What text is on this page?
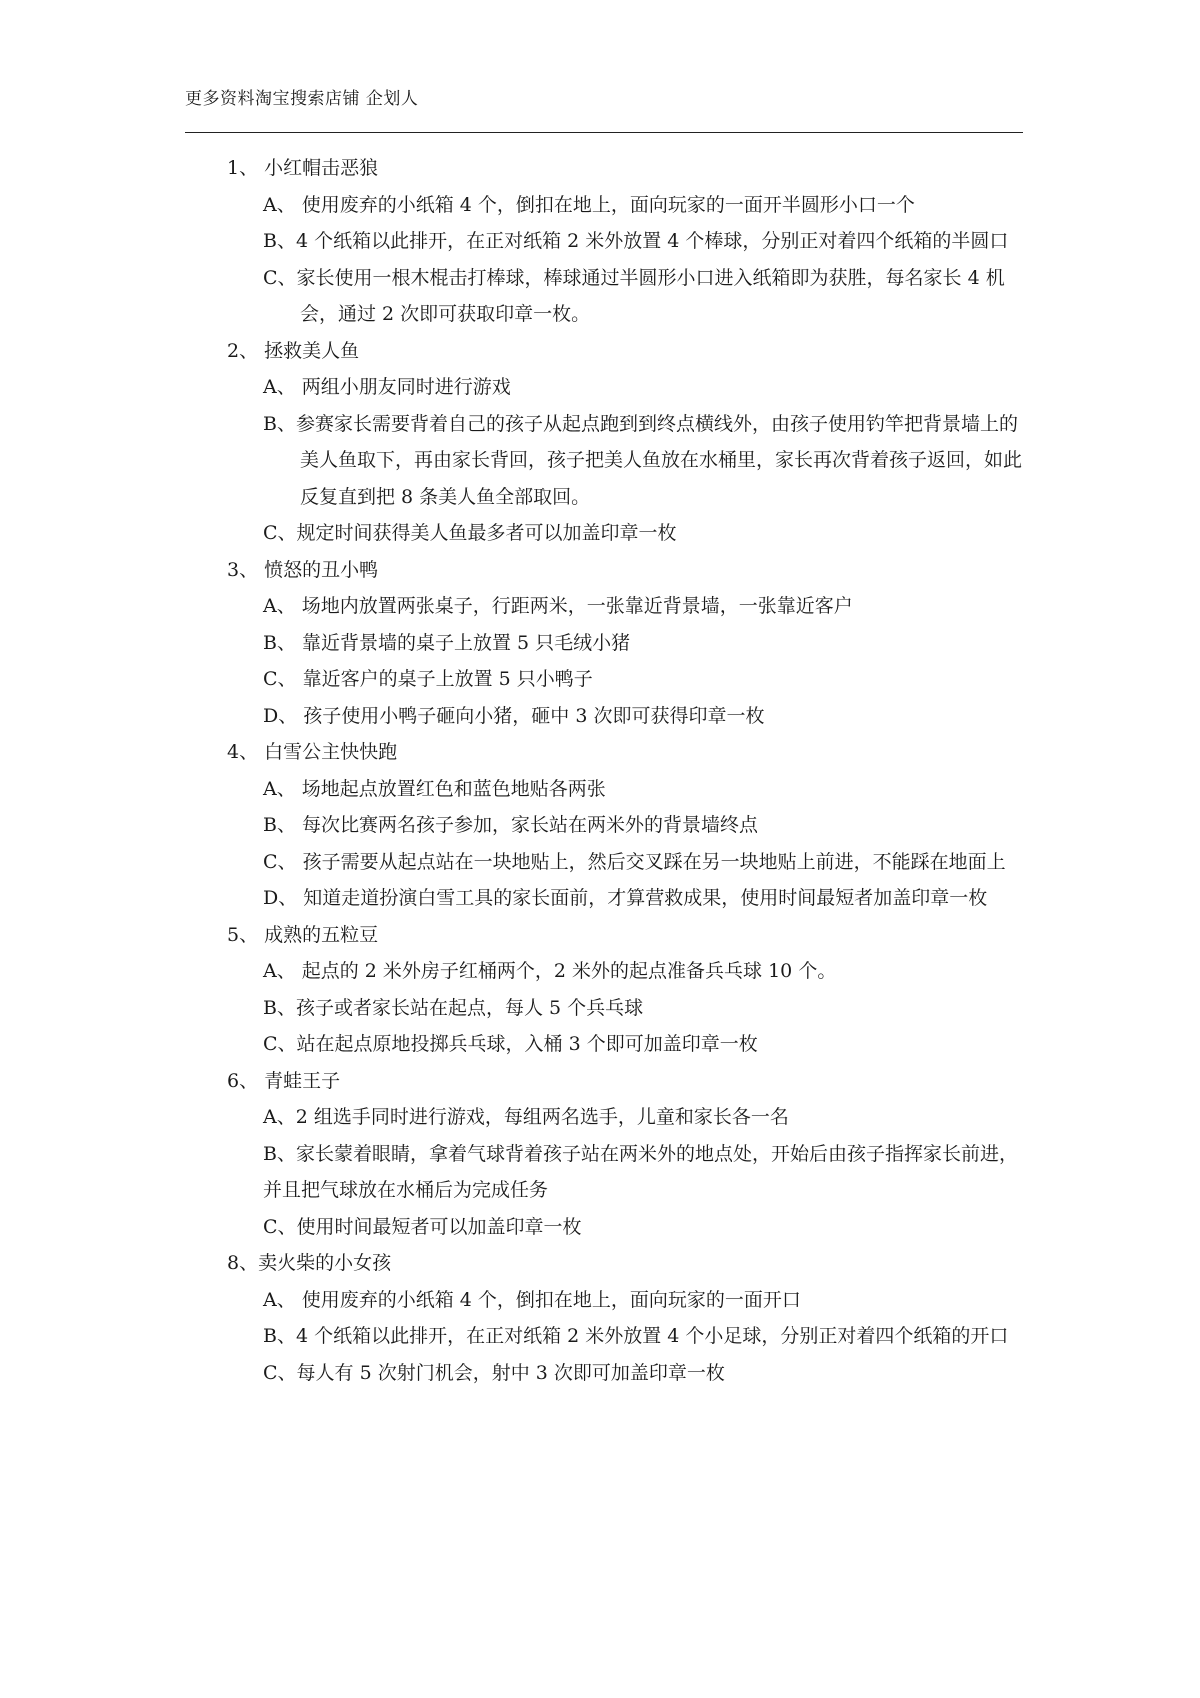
更多资料淘宝搜索店铺 企划人

1、 小红帽击恶狼

A、 使用废弃的小纸箱 4 个，倒扣在地上，面向玩家的一面开半圆形小口一个

B、4 个纸箱以此排开，在正对纸箱 2 米外放置 4 个棒球，分别正对着四个纸箱的半圆口

C、家长使用一根木棍击打棒球，棒球通过半圆形小口进入纸箱即为获胜，每名家长 4 机会，通过 2 次即可获取印章一枚。

2、 拯救美人鱼

A、 两组小朋友同时进行游戏

B、参赛家长需要背着自己的孩子从起点跑到到终点横线外，由孩子使用钓竿把背景墙上的美人鱼取下，再由家长背回，孩子把美人鱼放在水桶里，家长再次背着孩子返回，如此反复直到把 8 条美人鱼全部取回。

C、规定时间获得美人鱼最多者可以加盖印章一枚

3、 愤怒的丑小鸭

A、 场地内放置两张桌子，行距两米，一张靠近背景墙，一张靠近客户

B、 靠近背景墙的桌子上放置 5 只毛绒小猪

C、 靠近客户的桌子上放置 5 只小鸭子

D、 孩子使用小鸭子砸向小猪，砸中 3 次即可获得印章一枚

4、 白雪公主快快跑

A、 场地起点放置红色和蓝色地贴各两张

B、 每次比赛两名孩子参加，家长站在两米外的背景墙终点

C、 孩子需要从起点站在一块地贴上，然后交叉踩在另一块地贴上前进，不能踩在地面上

D、 知道走道扮演白雪工具的家长面前，才算营救成果，使用时间最短者加盖印章一枚

5、 成熟的五粒豆

A、 起点的 2 米外房子红桶两个，2 米外的起点准备兵乓球 10 个。

B、孩子或者家长站在起点，每人 5 个兵乓球

C、站在起点原地投掷兵乓球，入桶 3 个即可加盖印章一枚

6、 青蛙王子

A、2 组选手同时进行游戏，每组两名选手，儿童和家长各一名

B、家长蒙着眼睛，拿着气球背着孩子站在两米外的地点处，开始后由孩子指挥家长前进，并且把气球放在水桶后为完成任务

C、使用时间最短者可以加盖印章一枚

8、卖火柴的小女孩

A、 使用废弃的小纸箱 4 个，倒扣在地上，面向玩家的一面开口

B、4 个纸箱以此排开，在正对纸箱 2 米外放置 4 个小足球，分别正对着四个纸箱的开口

C、每人有 5 次射门机会，射中 3 次即可加盖印章一枚
